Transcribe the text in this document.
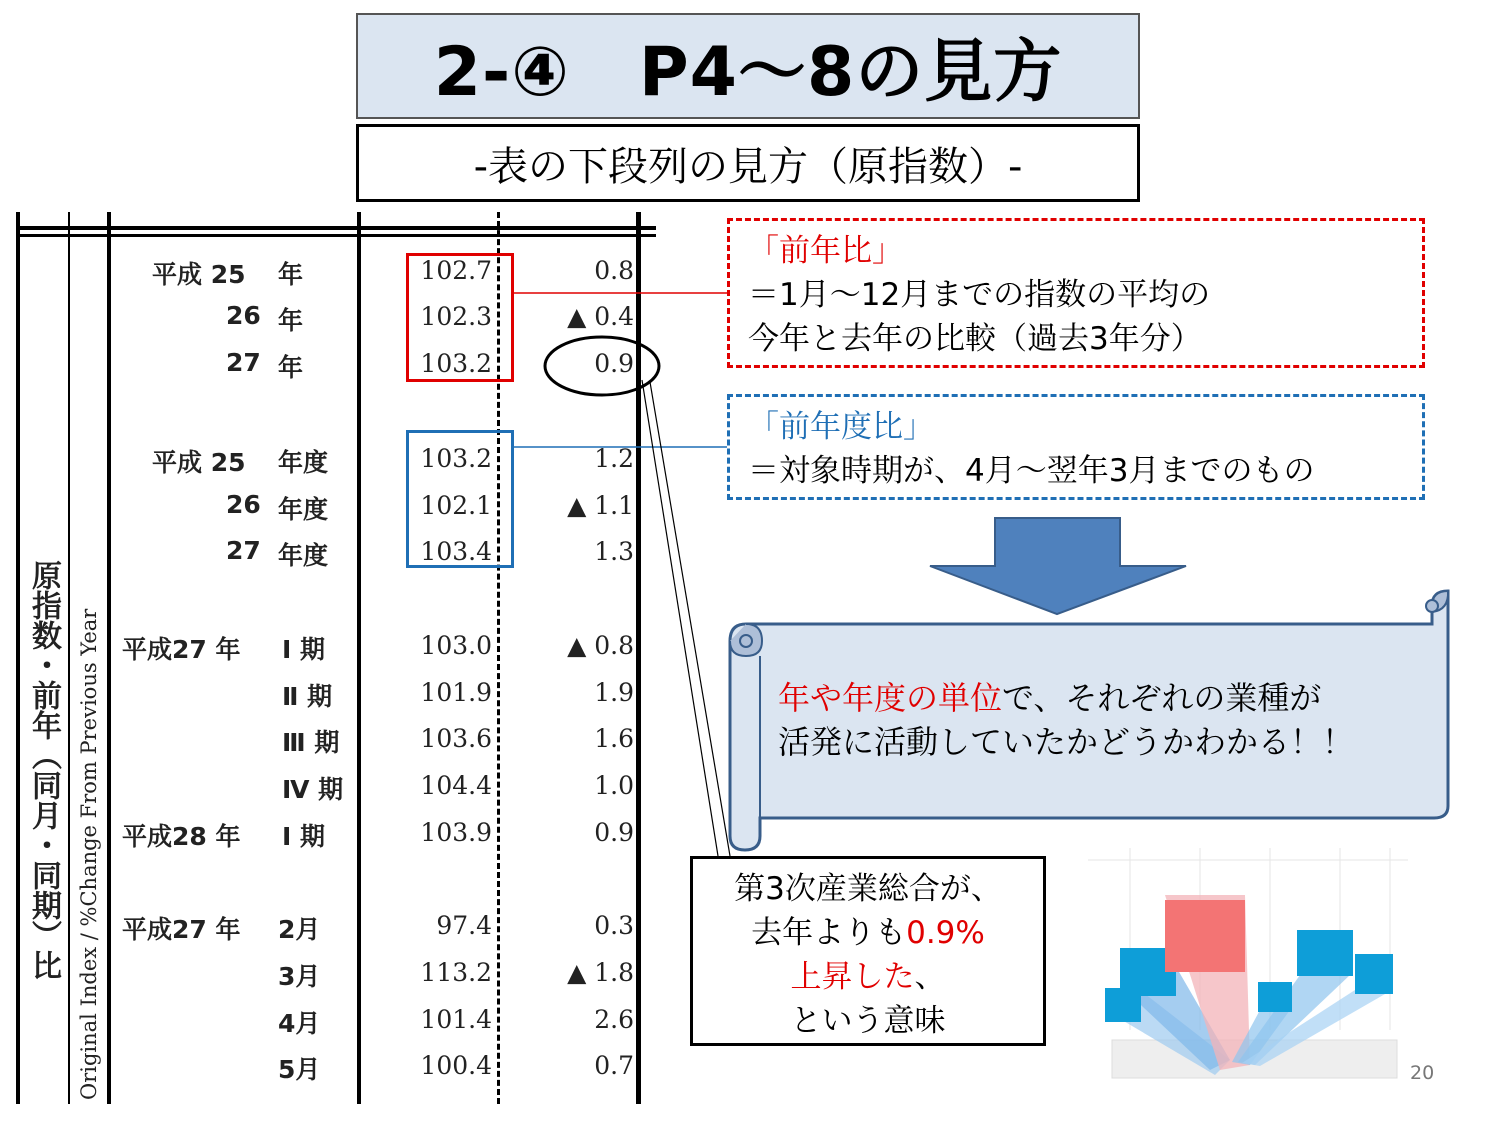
2-④　P4～8の見方
-表の下段列の見方（原指数）-
原指数・前年（同月・同期）比 Original Index / %Change From Previous Year
平成 25 年	102.7	0.8
26 年	102.3	▲ 0.4
27 年	103.2	0.9
平成 25 年度	103.2	1.2
26 年度	102.1	▲ 1.1
27 年度	103.4	1.3
平成27 年 Ⅰ 期	103.0	▲ 0.8
Ⅱ 期	101.9	1.9
Ⅲ 期	103.6	1.6
Ⅳ 期	104.4	1.0
平成28 年 Ⅰ 期	103.9	0.9
平成27 年 2月	97.4	0.3
3月	113.2	▲ 1.8
4月	101.4	2.6
5月	100.4	0.7
「前年比」
＝1月～12月までの指数の平均の
今年と去年の比較（過去3年分）
「前年度比」
＝対象時期が、4月～翌年3月までのもの
年や年度の単位で、それぞれの業種が
活発に活動していたかどうかわかる！！
第3次産業総合が、
去年よりも0.9%
上昇した、
という意味
20
